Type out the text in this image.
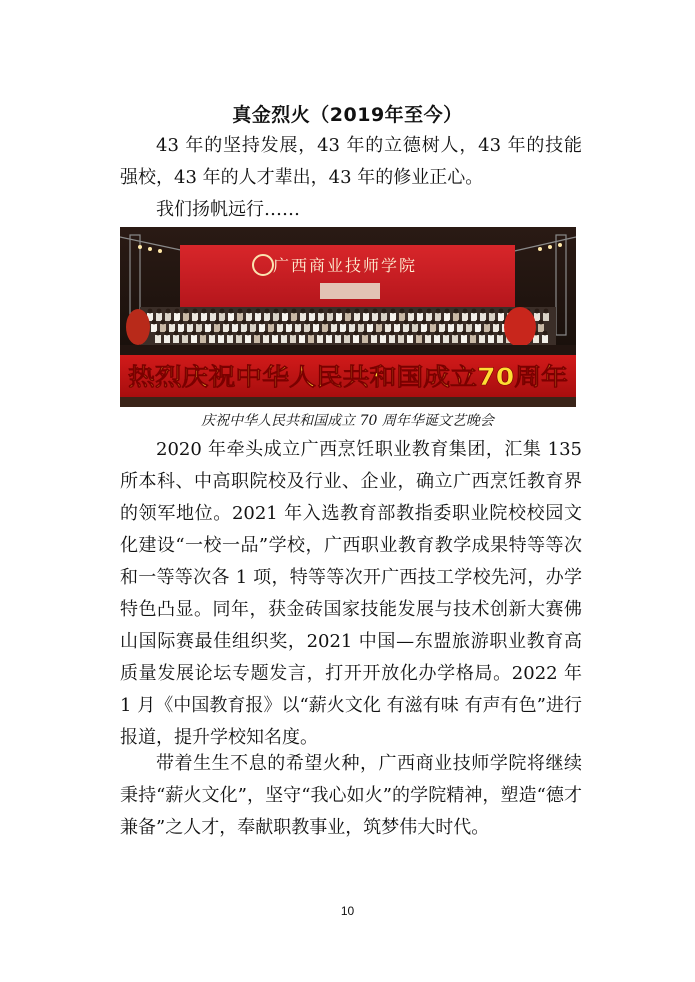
真金烈火（2019年至今）

43 年的坚持发展，43 年的立德树人，43 年的技能强校，43 年的人才辈出，43 年的修业正心。

我们扬帆远行……

广西商业技师学院
热烈庆祝中华人民共和国成立70周年
庆祝中华人民共和国成立 70 周年华诞文艺晚会

2020 年牵头成立广西烹饪职业教育集团，汇集 135 所本科、中高职院校及行业、企业，确立广西烹饪教育界的领军地位。2021 年入选教育部教指委职业院校校园文化建设“一校一品”学校，广西职业教育教学成果特等等次和一等等次各 1 项，特等等次开广西技工学校先河，办学特色凸显。同年，获金砖国家技能发展与技术创新大赛佛山国际赛最佳组织奖，2021 中国—东盟旅游职业教育高质量发展论坛专题发言，打开开放化办学格局。2022 年 1 月《中国教育报》以“薪火文化 有滋有味 有声有色”进行报道，提升学校知名度。

带着生生不息的希望火种，广西商业技师学院将继续秉持“薪火文化”，坚守“我心如火”的学院精神，塑造“德才兼备”之人才，奉献职教事业，筑梦伟大时代。

10
